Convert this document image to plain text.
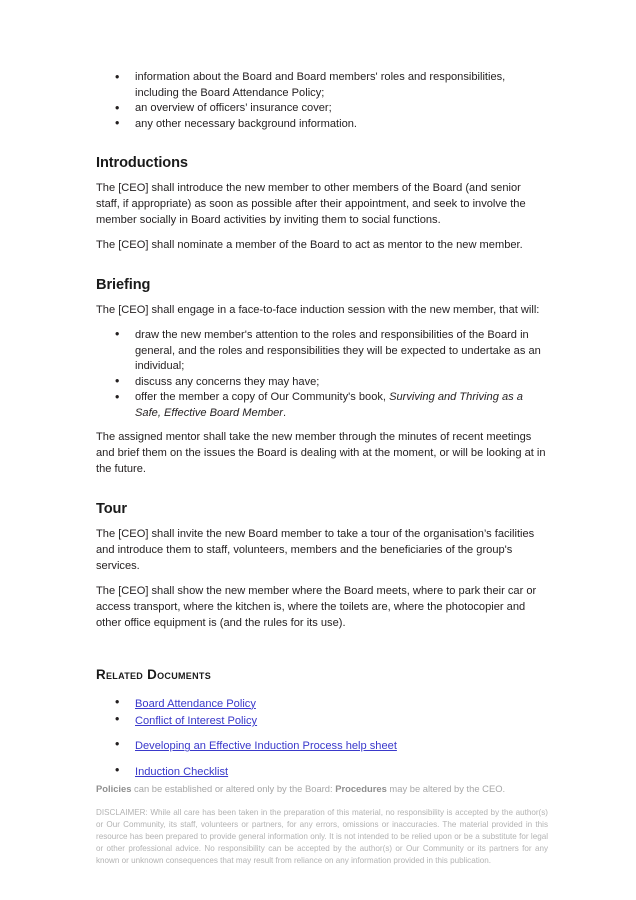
• information about the Board and Board members' roles and responsibilities, including the Board Attendance Policy;
• an overview of officers’ insurance cover;
• any other necessary background information.
Introductions

The [CEO] shall introduce the new member to other members of the Board (and senior staff, if appropriate) as soon as possible after their appointment, and seek to involve the member socially in Board activities by inviting them to social functions.

The [CEO] shall nominate a member of the Board to act as mentor to the new member.

Briefing

The [CEO] shall engage in a face-to-face induction session with the new member, that will:

• draw the new member's attention to the roles and responsibilities of the Board in general, and the roles and responsibilities they will be expected to undertake as an individual;
• discuss any concerns they may have;
• offer the member a copy of Our Community's book, Surviving and Thriving as a Safe, Effective Board Member.

The assigned mentor shall take the new member through the minutes of recent meetings and brief them on the issues the Board is dealing with at the moment, or will be looking at in the future.

Tour

The [CEO] shall invite the new Board member to take a tour of the organisation’s facilities and introduce them to staff, volunteers, members and the beneficiaries of the group's services.

The [CEO] shall show the new member where the Board meets, where to park their car or access transport, where the kitchen is, where the toilets are, where the photocopier and other office equipment is (and the rules for its use).

Related Documents
• Board Attendance Policy
• Conflict of Interest Policy
• Developing an Effective Induction Process help sheet
• Induction Checklist

Policies can be established or altered only by the Board: Procedures may be altered by the CEO.

DISCLAIMER: While all care has been taken in the preparation of this material, no responsibility is accepted by the author(s) or Our Community, its staff, volunteers or partners, for any errors, omissions or inaccuracies. The material provided in this resource has been prepared to provide general information only. It is not intended to be relied upon or be a substitute for legal or other professional advice. No responsibility can be accepted by the author(s) or Our Community or its partners for any known or unknown consequences that may result from reliance on any information provided in this publication.
